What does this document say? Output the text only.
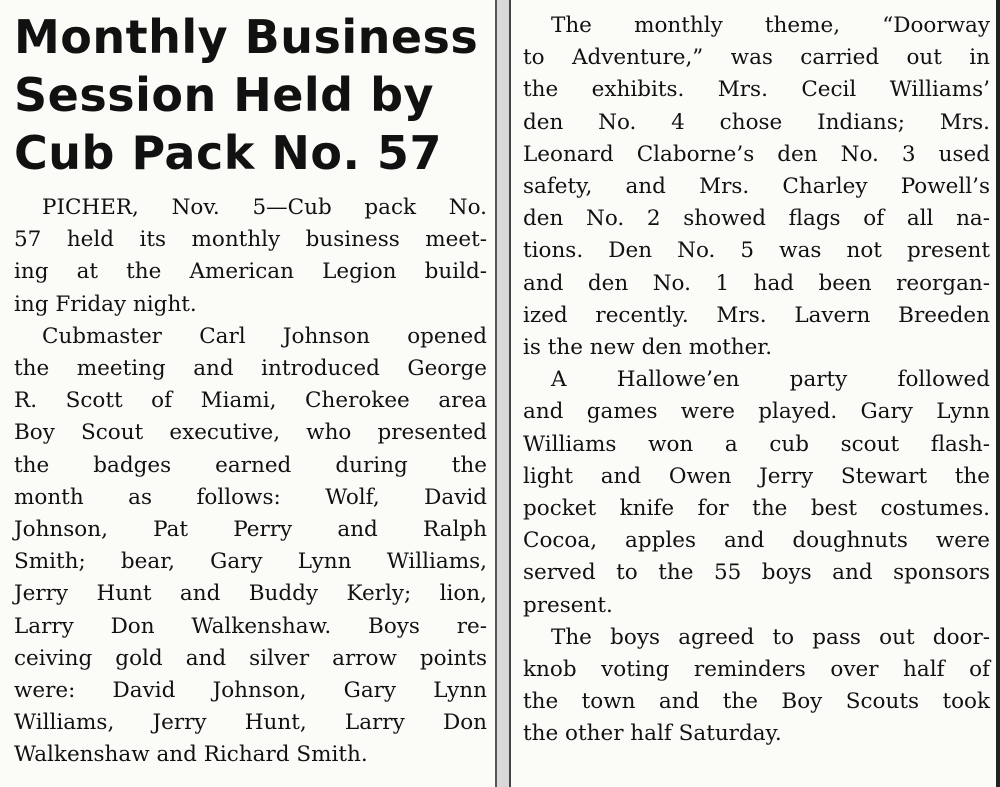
Monthly Business
Session Held by
Cub Pack No. 57
PICHER, Nov. 5—Cub pack No.
57 held its monthly business meet-
ing at the American Legion build-
ing Friday night.
Cubmaster Carl Johnson opened
the meeting and introduced George
R. Scott of Miami, Cherokee area
Boy Scout executive, who presented
the badges earned during the
month as follows: Wolf, David
Johnson, Pat Perry and Ralph
Smith; bear, Gary Lynn Williams,
Jerry Hunt and Buddy Kerly; lion,
Larry Don Walkenshaw. Boys re-
ceiving gold and silver arrow points
were: David Johnson, Gary Lynn
Williams, Jerry Hunt, Larry Don
Walkenshaw and Richard Smith.
The monthly theme, “Doorway
to Adventure,” was carried out in
the exhibits. Mrs. Cecil Williams’
den No. 4 chose Indians; Mrs.
Leonard Claborne’s den No. 3 used
safety, and Mrs. Charley Powell’s
den No. 2 showed flags of all na-
tions. Den No. 5 was not present
and den No. 1 had been reorgan-
ized recently. Mrs. Lavern Breeden
is the new den mother.
A Hallowe’en party followed
and games were played. Gary Lynn
Williams won a cub scout flash-
light and Owen Jerry Stewart the
pocket knife for the best costumes.
Cocoa, apples and doughnuts were
served to the 55 boys and sponsors
present.
The boys agreed to pass out door-
knob voting reminders over half of
the town and the Boy Scouts took
the other half Saturday.
